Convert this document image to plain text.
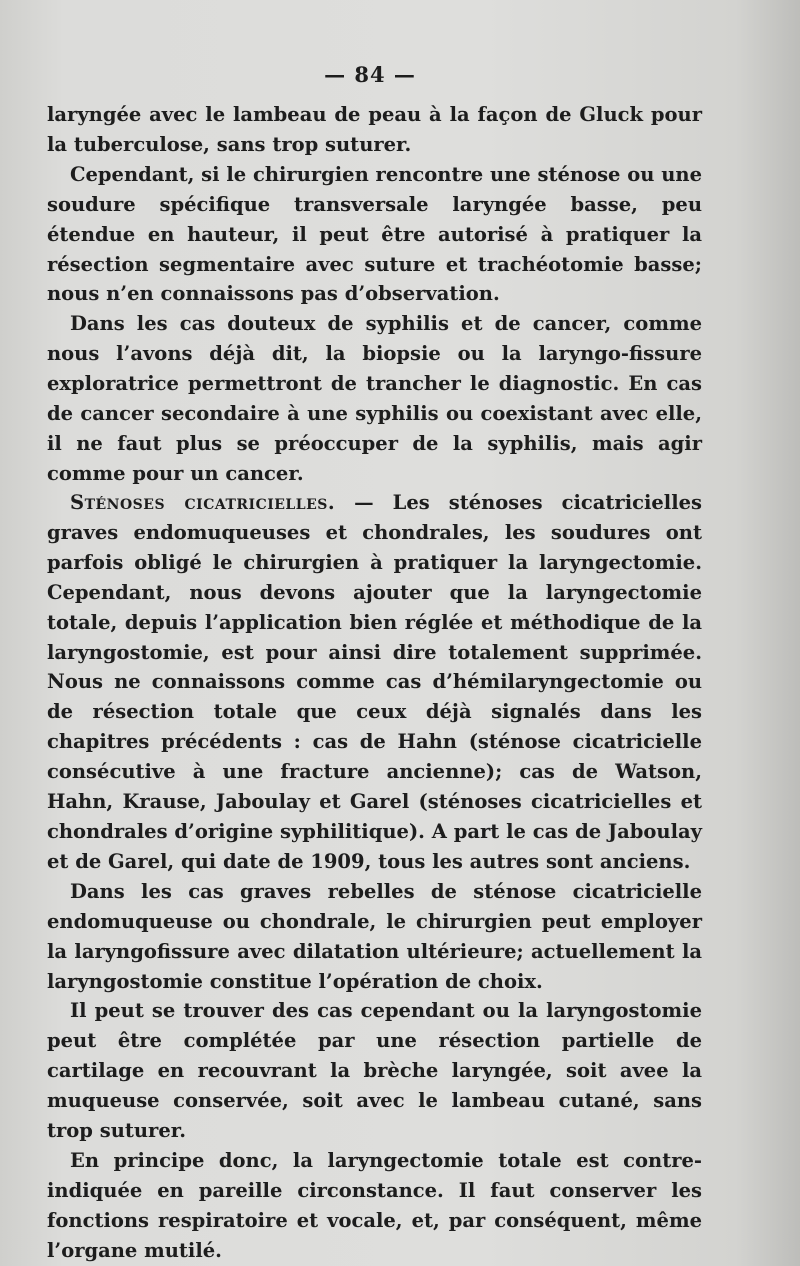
— 84 —

laryngée avec le lambeau de peau à la façon de Gluck pour la tuberculose, sans trop suturer.

Cependant, si le chirurgien rencontre une sténose ou une soudure spécifique transversale laryngée basse, peu étendue en hauteur, il peut être autorisé à pratiquer la résection segmentaire avec suture et trachéotomie basse; nous n’en connaissons pas d’observation.

Dans les cas douteux de syphilis et de cancer, comme nous l’avons déjà dit, la biopsie ou la laryngo-fissure exploratrice permettront de trancher le diagnostic. En cas de cancer secondaire à une syphilis ou coexistant avec elle, il ne faut plus se préoccuper de la syphilis, mais agir comme pour un cancer.

Sténoses cicatricielles. — Les sténoses cicatricielles graves endomuqueuses et chondrales, les soudures ont parfois obligé le chirurgien à pratiquer la laryngectomie. Cependant, nous devons ajouter que la laryngectomie totale, depuis l’application bien réglée et méthodique de la laryngostomie, est pour ainsi dire totalement supprimée. Nous ne connaissons comme cas d’hémilaryngectomie ou de résection totale que ceux déjà signalés dans les chapitres précédents : cas de Hahn (sténose cicatricielle consécutive à une fracture ancienne); cas de Watson, Hahn, Krause, Jaboulay et Garel (sténoses cicatricielles et chondrales d’origine syphilitique). A part le cas de Jaboulay et de Garel, qui date de 1909, tous les autres sont anciens.

Dans les cas graves rebelles de sténose cicatricielle endomuqueuse ou chondrale, le chirurgien peut employer la laryngofissure avec dilatation ultérieure; actuellement la laryngostomie constitue l’opération de choix.

Il peut se trouver des cas cependant ou la laryngostomie peut être complétée par une résection partielle de cartilage en recouvrant la brèche laryngée, soit avee la muqueuse conservée, soit avec le lambeau cutané, sans trop suturer.

En principe donc, la laryngectomie totale est contre-indiquée en pareille circonstance. Il faut conserver les fonctions respiratoire et vocale, et, par conséquent, même l’organe mutilé.
